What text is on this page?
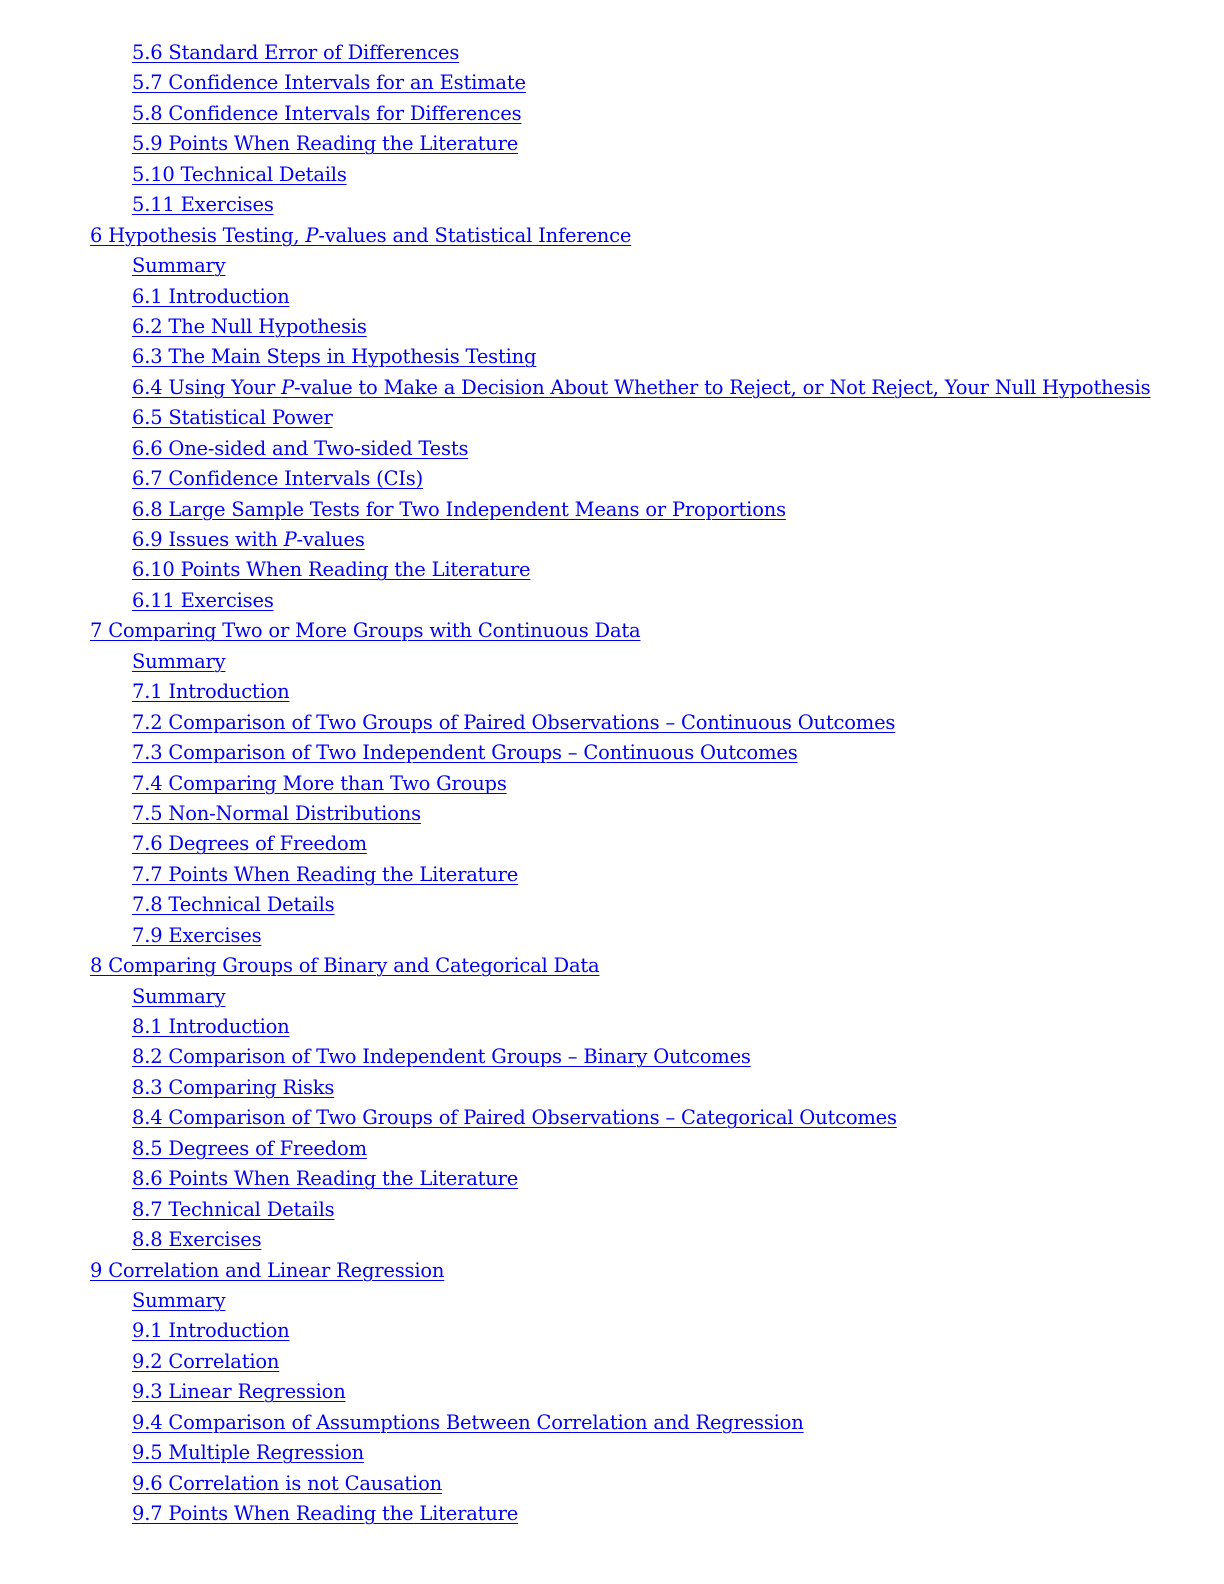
5.6 Standard Error of Differences
5.7 Confidence Intervals for an Estimate
5.8 Confidence Intervals for Differences
5.9 Points When Reading the Literature
5.10 Technical Details
5.11 Exercises
6 Hypothesis Testing, P-values and Statistical Inference
Summary
6.1 Introduction
6.2 The Null Hypothesis
6.3 The Main Steps in Hypothesis Testing
6.4 Using Your P-value to Make a Decision About Whether to Reject, or Not Reject, Your Null Hypothesis
6.5 Statistical Power
6.6 One-sided and Two-sided Tests
6.7 Confidence Intervals (CIs)
6.8 Large Sample Tests for Two Independent Means or Proportions
6.9 Issues with P-values
6.10 Points When Reading the Literature
6.11 Exercises
7 Comparing Two or More Groups with Continuous Data
Summary
7.1 Introduction
7.2 Comparison of Two Groups of Paired Observations – Continuous Outcomes
7.3 Comparison of Two Independent Groups – Continuous Outcomes
7.4 Comparing More than Two Groups
7.5 Non-Normal Distributions
7.6 Degrees of Freedom
7.7 Points When Reading the Literature
7.8 Technical Details
7.9 Exercises
8 Comparing Groups of Binary and Categorical Data
Summary
8.1 Introduction
8.2 Comparison of Two Independent Groups – Binary Outcomes
8.3 Comparing Risks
8.4 Comparison of Two Groups of Paired Observations – Categorical Outcomes
8.5 Degrees of Freedom
8.6 Points When Reading the Literature
8.7 Technical Details
8.8 Exercises
9 Correlation and Linear Regression
Summary
9.1 Introduction
9.2 Correlation
9.3 Linear Regression
9.4 Comparison of Assumptions Between Correlation and Regression
9.5 Multiple Regression
9.6 Correlation is not Causation
9.7 Points When Reading the Literature
